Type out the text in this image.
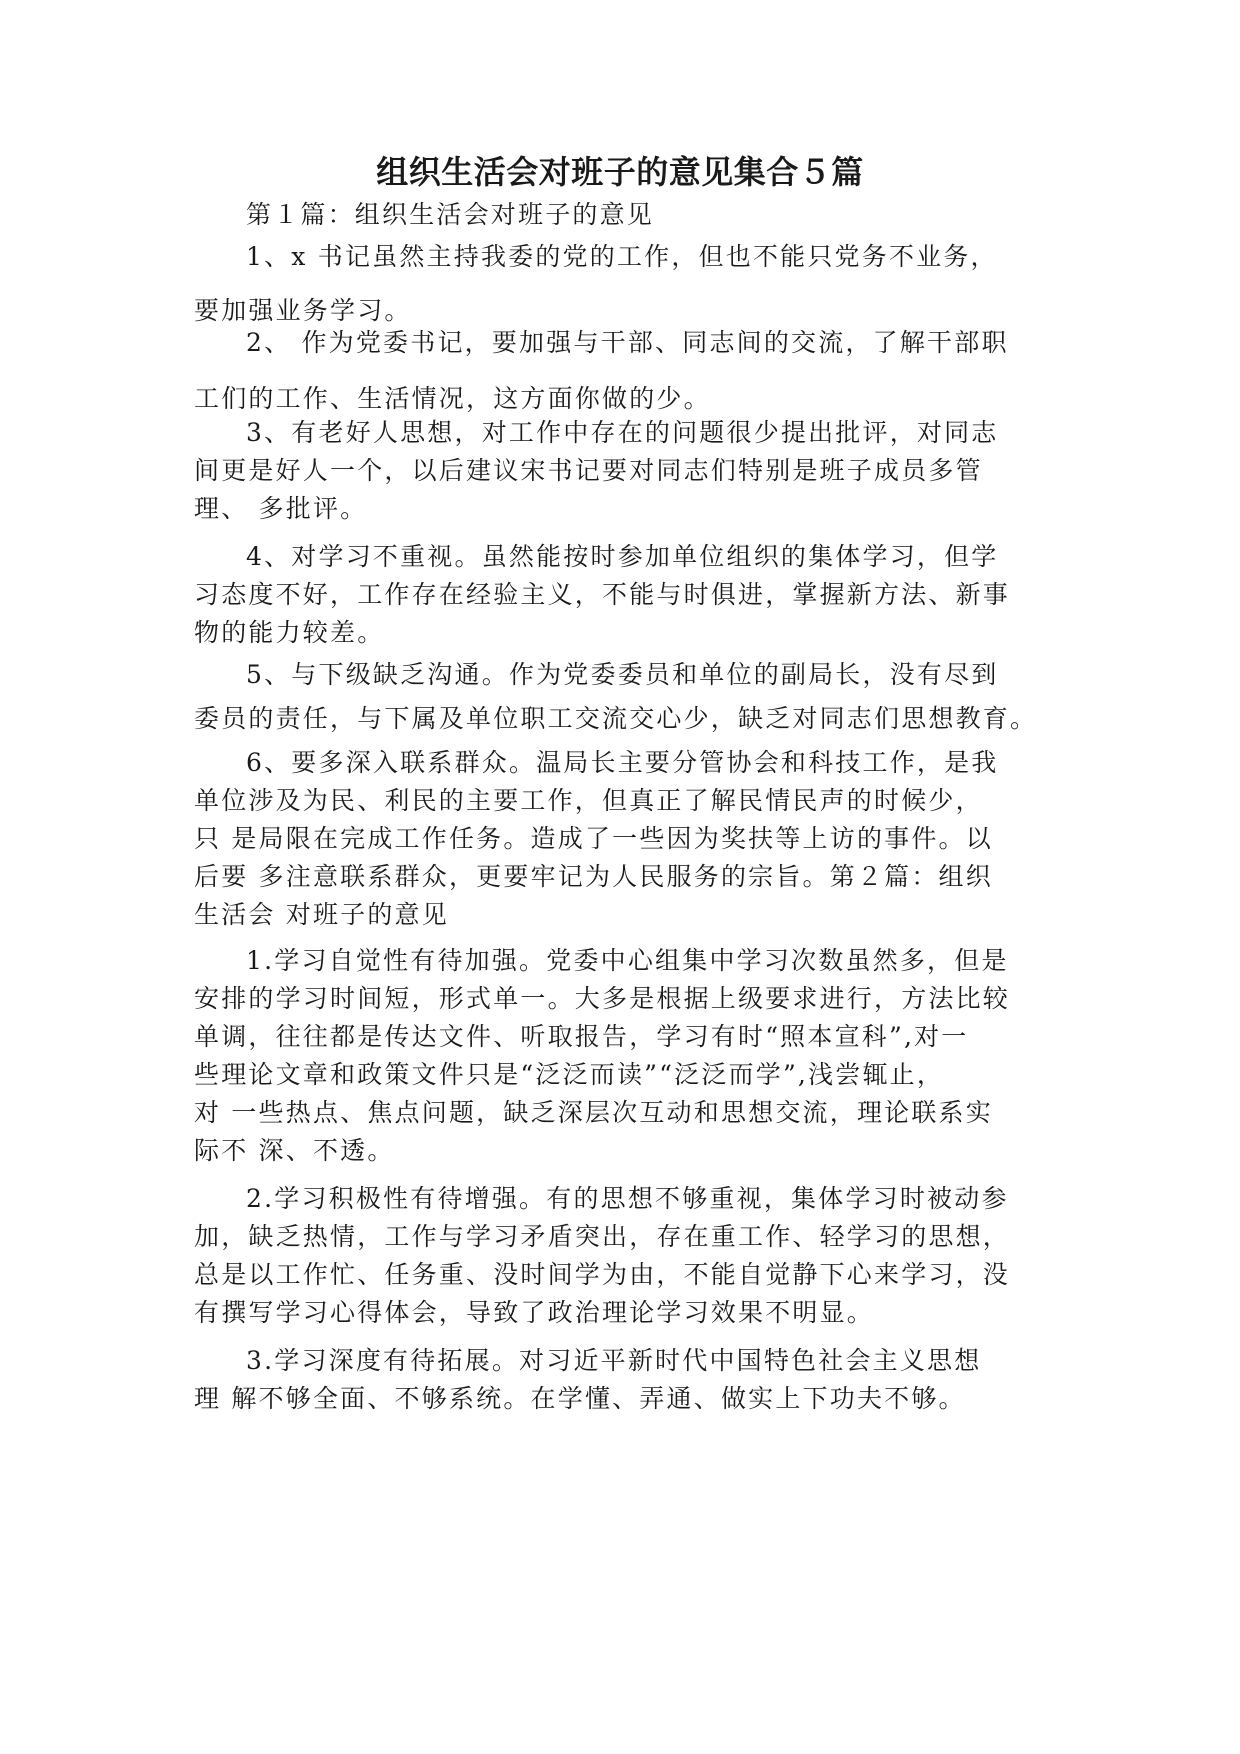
组织生活会对班子的意见集合５篇

第１篇：组织生活会对班子的意见

1、x 书记虽然主持我委的党的工作，但也不能只党务不业务，
要加强业务学习。

2、 作为党委书记，要加强与干部、同志间的交流，了解干部职
工们的工作、生活情况，这方面你做的少。

3、有老好人思想，对工作中存在的问题很少提出批评，对同志
间更是好人一个，以后建议宋书记要对同志们特别是班子成员多管
理、 多批评。

4、对学习不重视。虽然能按时参加单位组织的集体学习，但学
习态度不好，工作存在经验主义，不能与时俱进，掌握新方法、新事
物的能力较差。

5、与下级缺乏沟通。作为党委委员和单位的副局长，没有尽到
委员的责任，与下属及单位职工交流交心少，缺乏对同志们思想教育。

6、要多深入联系群众。温局长主要分管协会和科技工作，是我
单位涉及为民、利民的主要工作，但真正了解民情民声的时候少，
只 是局限在完成工作任务。造成了一些因为奖扶等上访的事件。以
后要 多注意联系群众，更要牢记为人民服务的宗旨。第２篇：组织
生活会 对班子的意见

1.学习自觉性有待加强。党委中心组集中学习次数虽然多，但是
安排的学习时间短，形式单一。大多是根据上级要求进行，方法比较
单调，往往都是传达文件、听取报告，学习有时“照本宣科”,对一
些理论文章和政策文件只是“泛泛而读”“泛泛而学”,浅尝辄止，
对 一些热点、焦点问题，缺乏深层次互动和思想交流，理论联系实
际不 深、不透。

2.学习积极性有待增强。有的思想不够重视，集体学习时被动参
加，缺乏热情，工作与学习矛盾突出，存在重工作、轻学习的思想，
总是以工作忙、任务重、没时间学为由，不能自觉静下心来学习，没
有撰写学习心得体会，导致了政治理论学习效果不明显。

3.学习深度有待拓展。对习近平新时代中国特色社会主义思想
理 解不够全面、不够系统。在学懂、弄通、做实上下功夫不够。
